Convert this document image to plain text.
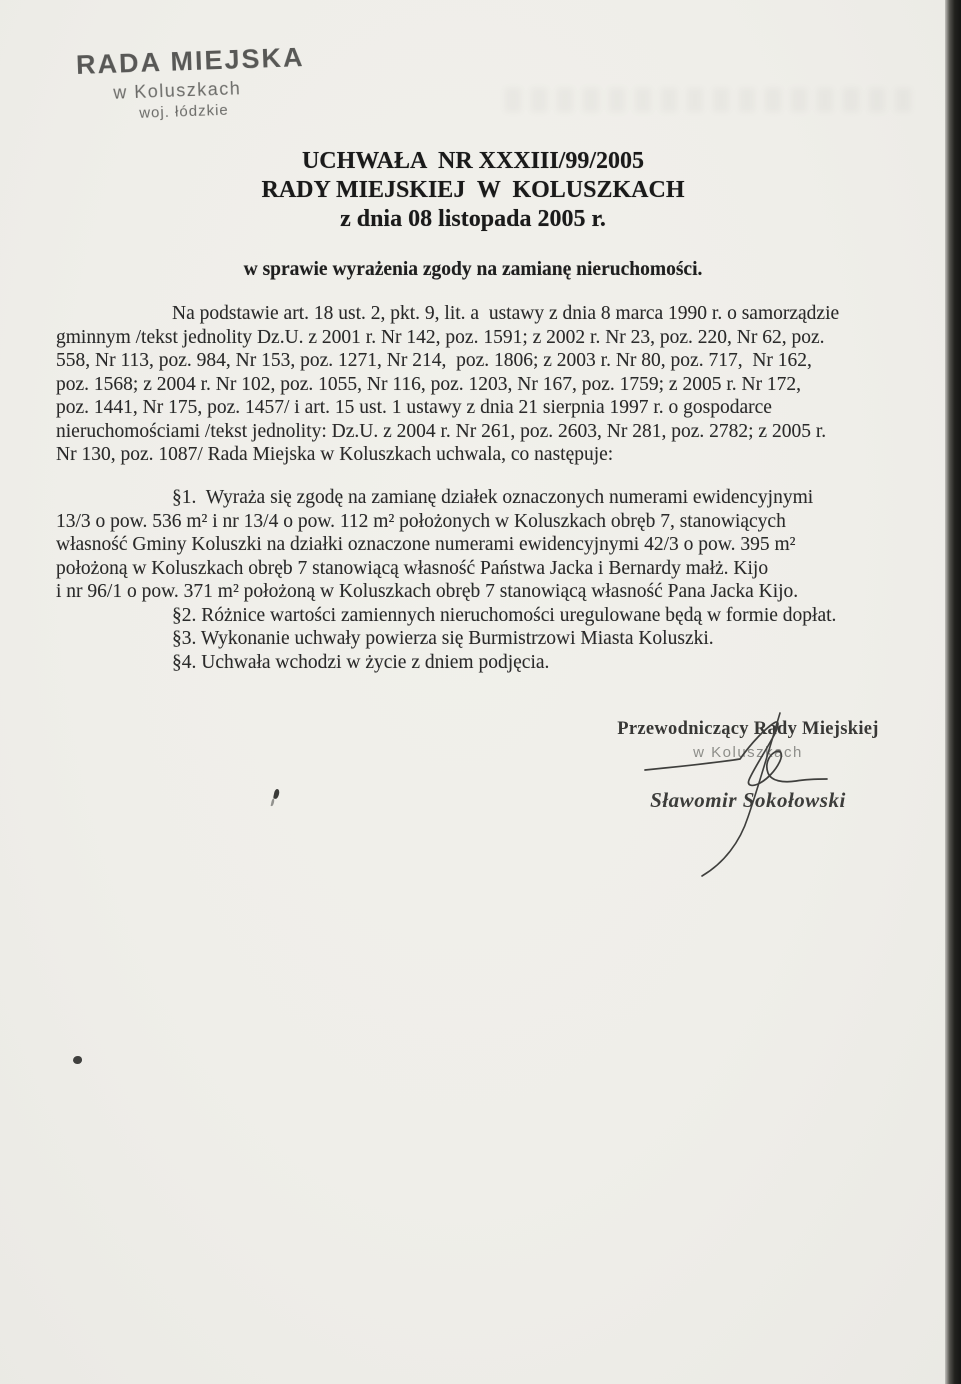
RADA MIEJSKA
w Koluszkach
woj. łódzkie
UCHWAŁA  NR XXXIII/99/2005
RADY MIEJSKIEJ  W  KOLUSZKACH
z dnia 08 listopada 2005 r.
w sprawie wyrażenia zgody na zamianę nieruchomości.
Na podstawie art. 18 ust. 2, pkt. 9, lit. a  ustawy z dnia 8 marca 1990 r. o samorządzie
gminnym /tekst jednolity Dz.U. z 2001 r. Nr 142, poz. 1591; z 2002 r. Nr 23, poz. 220, Nr 62, poz.
558, Nr 113, poz. 984, Nr 153, poz. 1271, Nr 214,  poz. 1806; z 2003 r. Nr 80, poz. 717,  Nr 162,
poz. 1568; z 2004 r. Nr 102, poz. 1055, Nr 116, poz. 1203, Nr 167, poz. 1759; z 2005 r. Nr 172,
poz. 1441, Nr 175, poz. 1457/ i art. 15 ust. 1 ustawy z dnia 21 sierpnia 1997 r. o gospodarce
nieruchomościami /tekst jednolity: Dz.U. z 2004 r. Nr 261, poz. 2603, Nr 281, poz. 2782; z 2005 r.
Nr 130, poz. 1087/ Rada Miejska w Koluszkach uchwala, co następuje:
§1.  Wyraża się zgodę na zamianę działek oznaczonych numerami ewidencyjnymi
13/3 o pow. 536 m² i nr 13/4 o pow. 112 m² położonych w Koluszkach obręb 7, stanowiących
własność Gminy Koluszki na działki oznaczone numerami ewidencyjnymi 42/3 o pow. 395 m²
położoną w Koluszkach obręb 7 stanowiącą własność Państwa Jacka i Bernardy małż. Kijo
i nr 96/1 o pow. 371 m² położoną w Koluszkach obręb 7 stanowiącą własność Pana Jacka Kijo.
§2. Różnice wartości zamiennych nieruchomości uregulowane będą w formie dopłat.
§3. Wykonanie uchwały powierza się Burmistrzowi Miasta Koluszki.
§4. Uchwała wchodzi w życie z dniem podjęcia.
Przewodniczący Rady Miejskiej
w Koluszkach
Sławomir Sokołowski
